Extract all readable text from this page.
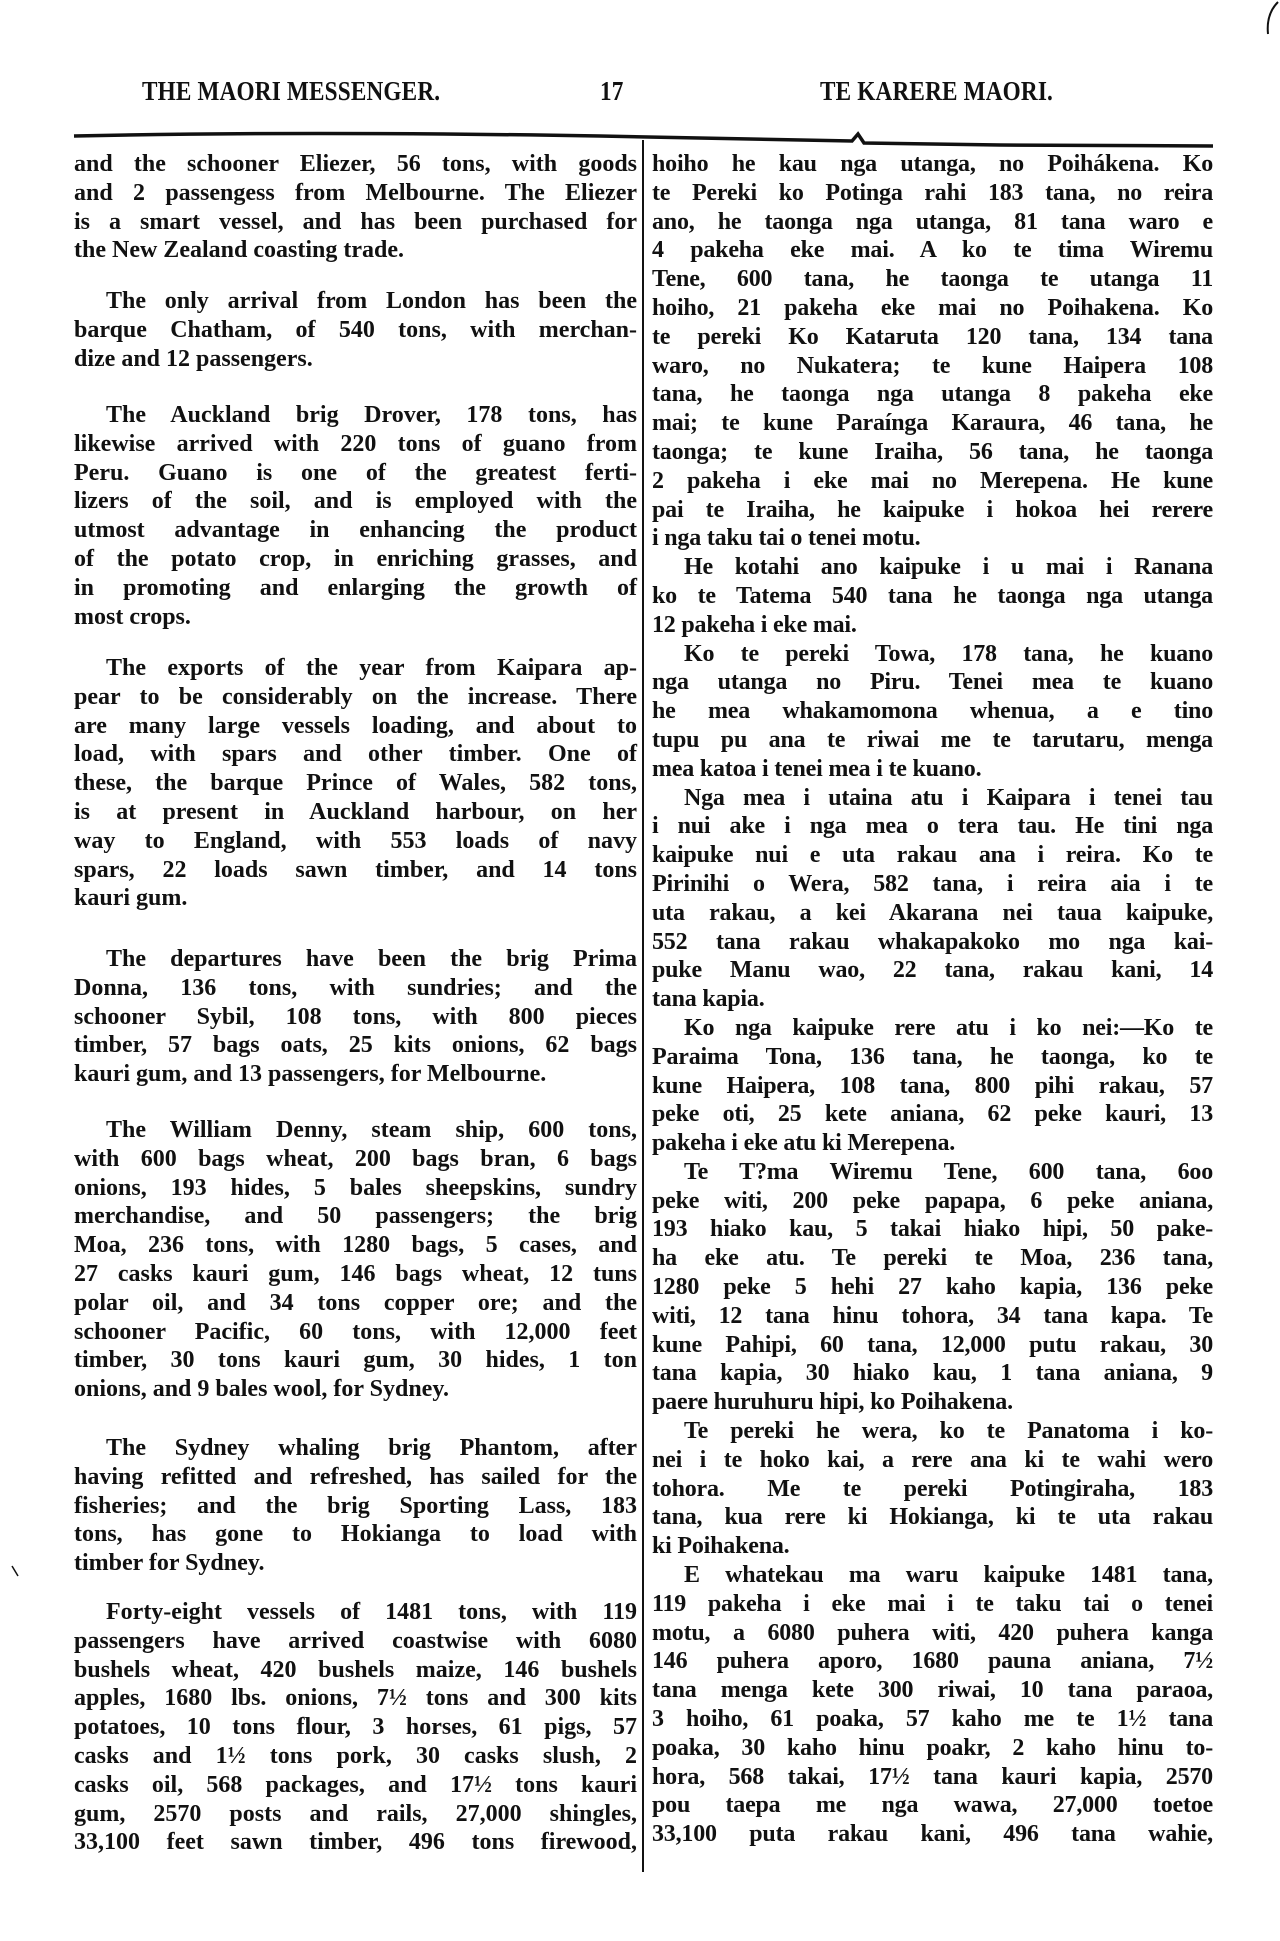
THE MAORI MESSENGER.	17	TE KARERE MAORI.
and the schooner Eliezer, 56 tons, with goods
and 2 passengess from Melbourne. The Eliezer
is a smart vessel, and has been purchased for
the New Zealand coasting trade.
The only arrival from London has been the
barque Chatham, of 540 tons, with merchan-
dize and 12 passengers.
The Auckland brig Drover, 178 tons, has
likewise arrived with 220 tons of guano from
Peru. Guano is one of the greatest ferti-
lizers of the soil, and is employed with the
utmost advantage in enhancing the product
of the potato crop, in enriching grasses, and
in promoting and enlarging the growth of
most crops.
The exports of the year from Kaipara ap-
pear to be considerably on the increase. There
are many large vessels loading, and about to
load, with spars and other timber. One of
these, the barque Prince of Wales, 582 tons,
is at present in Auckland harbour, on her
way to England, with 553 loads of navy
spars, 22 loads sawn timber, and 14 tons
kauri gum.
The departures have been the brig Prima
Donna, 136 tons, with sundries; and the
schooner Sybil, 108 tons, with 800 pieces
timber, 57 bags oats, 25 kits onions, 62 bags
kauri gum, and 13 passengers, for Melbourne.
The William Denny, steam ship, 600 tons,
with 600 bags wheat, 200 bags bran, 6 bags
onions, 193 hides, 5 bales sheepskins, sundry
merchandise, and 50 passengers; the brig
Moa, 236 tons, with 1280 bags, 5 cases, and
27 casks kauri gum, 146 bags wheat, 12 tuns
polar oil, and 34 tons copper ore; and the
schooner Pacific, 60 tons, with 12,000 feet
timber, 30 tons kauri gum, 30 hides, 1 ton
onions, and 9 bales wool, for Sydney.
The Sydney whaling brig Phantom, after
having refitted and refreshed, has sailed for the
fisheries; and the brig Sporting Lass, 183
tons, has gone to Hokianga to load with
timber for Sydney.
Forty-eight vessels of 1481 tons, with 119
passengers have arrived coastwise with 6080
bushels wheat, 420 bushels maize, 146 bushels
apples, 1680 lbs. onions, 7½ tons and 300 kits
potatoes, 10 tons flour, 3 horses, 61 pigs, 57
casks and 1½ tons pork, 30 casks slush, 2
casks oil, 568 packages, and 17½ tons kauri
gum, 2570 posts and rails, 27,000 shingles,
33,100 feet sawn timber, 496 tons firewood,
hoiho he kau nga utanga, no Poihákena. Ko
te Pereki ko Potinga rahi 183 tana, no reira
ano, he taonga nga utanga, 81 tana waro e
4 pakeha eke mai. A ko te tima Wiremu
Tene, 600 tana, he taonga te utanga 11
hoiho, 21 pakeha eke mai no Poihakena. Ko
te pereki Ko Kataruta 120 tana, 134 tana
waro, no Nukatera; te kune Haipera 108
tana, he taonga nga utanga 8 pakeha eke
mai; te kune Paraínga Karaura, 46 tana, he
taonga; te kune Iraiha, 56 tana, he taonga
2 pakeha i eke mai no Merepena. He kune
pai te Iraiha, he kaipuke i hokoa hei rerere
i nga taku tai o tenei motu.
He kotahi ano kaipuke i u mai i Ranana
ko te Tatema 540 tana he taonga nga utanga
12 pakeha i eke mai.
Ko te pereki Towa, 178 tana, he kuano
nga utanga no Piru. Tenei mea te kuano
he mea whakamomona whenua, a e tino
tupu pu ana te riwai me te tarutaru, menga
mea katoa i tenei mea i te kuano.
Nga mea i utaina atu i Kaipara i tenei tau
i nui ake i nga mea o tera tau. He tini nga
kaipuke nui e uta rakau ana i reira. Ko te
Pirinihi o Wera, 582 tana, i reira aia i te
uta rakau, a kei Akarana nei taua kaipuke,
552 tana rakau whakapakoko mo nga kai-
puke Manu wao, 22 tana, rakau kani, 14
tana kapia.
Ko nga kaipuke rere atu i ko nei:—Ko te
Paraima Tona, 136 tana, he taonga, ko te
kune Haipera, 108 tana, 800 pihi rakau, 57
peke oti, 25 kete aniana, 62 peke kauri, 13
pakeha i eke atu ki Merepena.
Te T?ma Wiremu Tene, 600 tana, 6oo
peke witi, 200 peke papapa, 6 peke aniana,
193 hiako kau, 5 takai hiako hipi, 50 pake-
ha eke atu. Te pereki te Moa, 236 tana,
1280 peke 5 hehi 27 kaho kapia, 136 peke
witi, 12 tana hinu tohora, 34 tana kapa. Te
kune Pahipi, 60 tana, 12,000 putu rakau, 30
tana kapia, 30 hiako kau, 1 tana aniana, 9
paere huruhuru hipi, ko Poihakena.
Te pereki he wera, ko te Panatoma i ko-
nei i te hoko kai, a rere ana ki te wahi wero
tohora. Me te pereki Potingiraha, 183
tana, kua rere ki Hokianga, ki te uta rakau
ki Poihakena.
E whatekau ma waru kaipuke 1481 tana,
119 pakeha i eke mai i te taku tai o tenei
motu, a 6080 puhera witi, 420 puhera kanga
146 puhera aporo, 1680 pauna aniana, 7½
tana menga kete 300 riwai, 10 tana paraoa,
3 hoiho, 61 poaka, 57 kaho me te 1½ tana
poaka, 30 kaho hinu poakr, 2 kaho hinu to-
hora, 568 takai, 17½ tana kauri kapia, 2570
pou taepa me nga wawa, 27,000 toetoe
33,100 puta rakau kani, 496 tana wahie,
